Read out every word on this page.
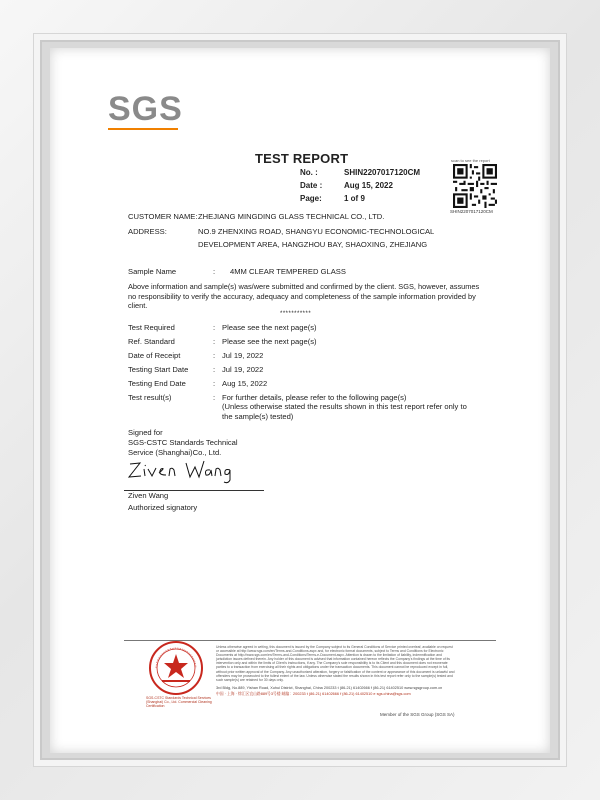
SGS
TEST REPORT
No. :	SHIN2207017120CM
Date :	Aug 15, 2022
Page:	1 of 9
scan to see the report
SHIN2207017120CM
CUSTOMER NAME: ZHEJIANG MINGDING GLASS TECHNICAL CO., LTD.
ADDRESS:	NO.9 ZHENXING ROAD, SHANGYU ECONOMIC-TECHNOLOGICAL
DEVELOPMENT AREA, HANGZHOU BAY, SHAOXING, ZHEJIANG
Sample Name	: 4MM CLEAR TEMPERED GLASS
Above information and sample(s) was/were submitted and confirmed by the client. SGS, however, assumes no responsibility to verify the accuracy, adequacy and completeness of the sample information provided by client.
***********
Test Required	: Please see the next page(s)
Ref. Standard	: Please see the next page(s)
Date of Receipt	: Jul 19, 2022
Testing Start Date	: Jul 19, 2022
Testing End Date	: Aug 15, 2022
Test result(s)	: For further details, please refer to the following page(s)
(Unless otherwise stated the results shown in this test report refer only to
the sample(s) tested)
Signed for
SGS-CSTC Standards Technical
Service (Shanghai)Co., Ltd.
Ziven Wang
Authorized signatory
SGS-CSTC Standards Technical Services (Shanghai) Co., Ltd. Commercial Cleaning Certification
Unless otherwise agreed in writing, this document is issued by the Company subject to its General Conditions of Service printed overleaf, available on request or accessible at http://www.sgs.com/en/Terms-and-Conditions.aspx and, for electronic format documents, subject to Terms and Conditions for Electronic Documents at http://www.sgs.com/en/Terms-and-Conditions/Terms-e-Document.aspx. Attention is drawn to the limitation of liability, indemnification and jurisdiction issues defined therein. Any holder of this document is advised that information contained hereon reflects the Company's findings at the time of its intervention only and within the limits of Client's instructions, if any. The Company's sole responsibility is to its Client and this document does not exonerate parties to a transaction from exercising all their rights and obligations under the transaction documents. This document cannot be reproduced except in full, without prior written approval of the Company. Any unauthorized alteration, forgery or falsification of the content or appearance of this document is unlawful and offenders may be prosecuted to the fullest extent of the law. Unless otherwise stated the results shown in this test report refer only to the sample(s) tested and such sample(s) are retained for 30 days only.
3rd Bldg, No.889, Yishan Road, Xuhui District, Shanghai, China 200233 t (86-21) 61402666 f (86-21) 61402510 www.sgsgroup.com.cn
中国 · 上海 · 徐汇区宜山路889号3号楼 邮编：200233 t (86-21) 61402666 f (86-21) 61402510 e sgs.china@sgs.com
Member of the SGS Group (SGS SA)
